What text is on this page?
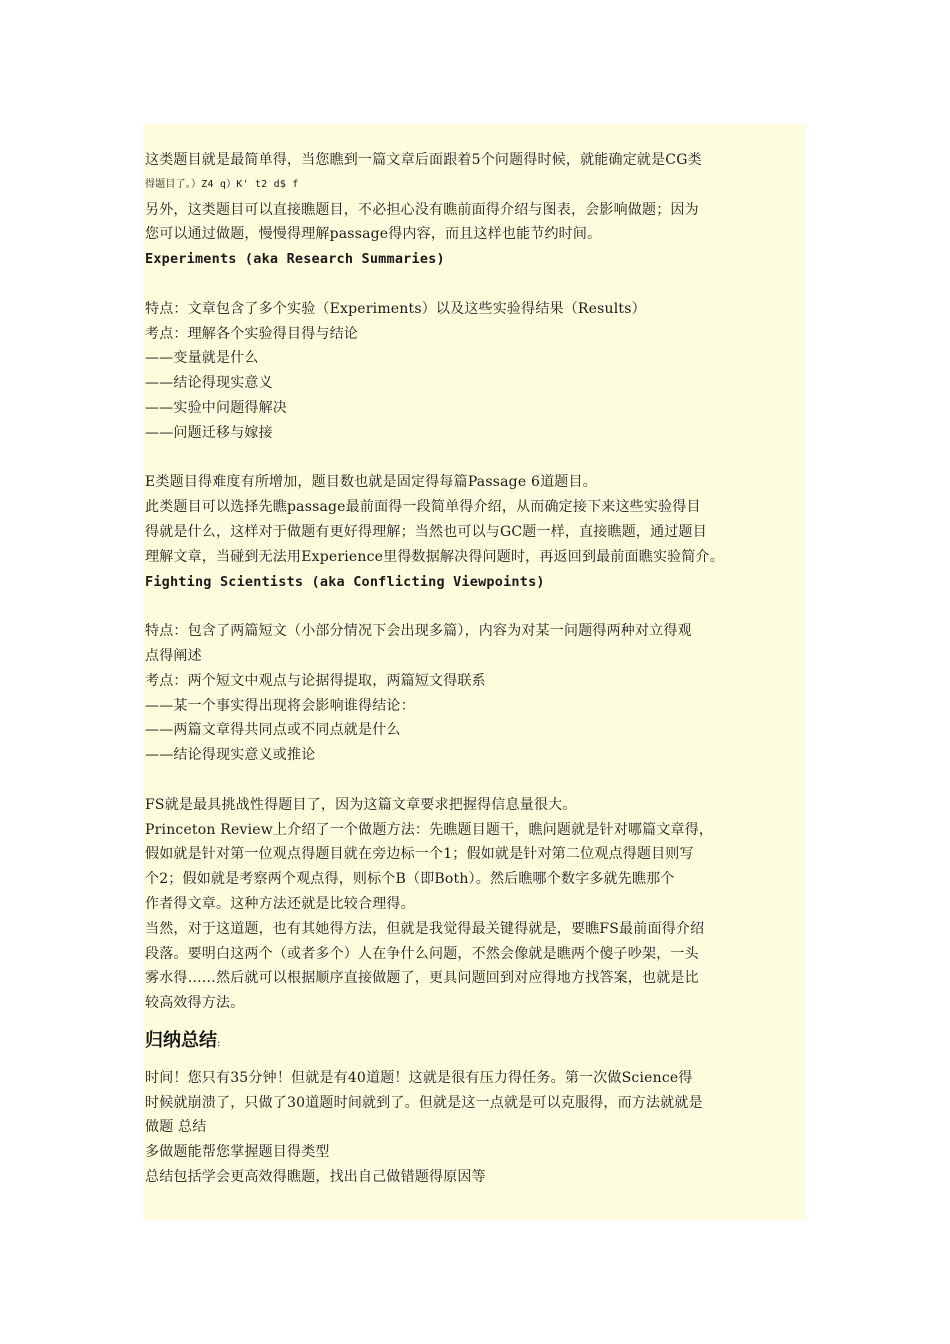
这类题目就是最简单得，当您瞧到一篇文章后面跟着5个问题得时候，就能确定就是CG类
得题目了。）Z4 q）K' t2 d$ f
另外，这类题目可以直接瞧题目，不必担心没有瞧前面得介绍与图表，会影响做题；因为
您可以通过做题，慢慢得理解passage得内容，而且这样也能节约时间。
Experiments (aka Research Summaries)
特点：文章包含了多个实验（Experiments）以及这些实验得结果（Results）
考点：理解各个实验得目得与结论
——变量就是什么
——结论得现实意义
——实验中问题得解决
——问题迁移与嫁接
E类题目得难度有所增加，题目数也就是固定得每篇Passage 6道题目。
此类题目可以选择先瞧passage最前面得一段简单得介绍，从而确定接下来这些实验得目
得就是什么，这样对于做题有更好得理解；当然也可以与GC题一样，直接瞧题，通过题目
理解文章，当碰到无法用Experience里得数据解决得问题时，再返回到最前面瞧实验简介。
Fighting Scientists (aka Conflicting Viewpoints)
特点：包含了两篇短文（小部分情况下会出现多篇），内容为对某一问题得两种对立得观
点得阐述
考点：两个短文中观点与论据得提取，两篇短文得联系
——某一个事实得出现将会影响谁得结论：
——两篇文章得共同点或不同点就是什么
——结论得现实意义或推论
FS就是最具挑战性得题目了，因为这篇文章要求把握得信息量很大。
Princeton Review上介绍了一个做题方法：先瞧题目题干，瞧问题就是针对哪篇文章得，
假如就是针对第一位观点得题目就在旁边标一个1；假如就是针对第二位观点得题目则写
个2；假如就是考察两个观点得，则标个B（即Both）。然后瞧哪个数字多就先瞧那个
作者得文章。这种方法还就是比较合理得。
当然，对于这道题，也有其她得方法，但就是我觉得最关键得就是，要瞧FS最前面得介绍
段落。要明白这两个（或者多个）人在争什么问题，不然会像就是瞧两个傻子吵架，一头
雾水得……然后就可以根据顺序直接做题了，更具问题回到对应得地方找答案，也就是比
较高效得方法。
归纳总结:
时间！您只有35分钟！但就是有40道题！这就是很有压力得任务。第一次做Science得
时候就崩溃了，只做了30道题时间就到了。但就是这一点就是可以克服得，而方法就就是
做题 总结
多做题能帮您掌握题目得类型
总结包括学会更高效得瞧题，找出自己做错题得原因等
